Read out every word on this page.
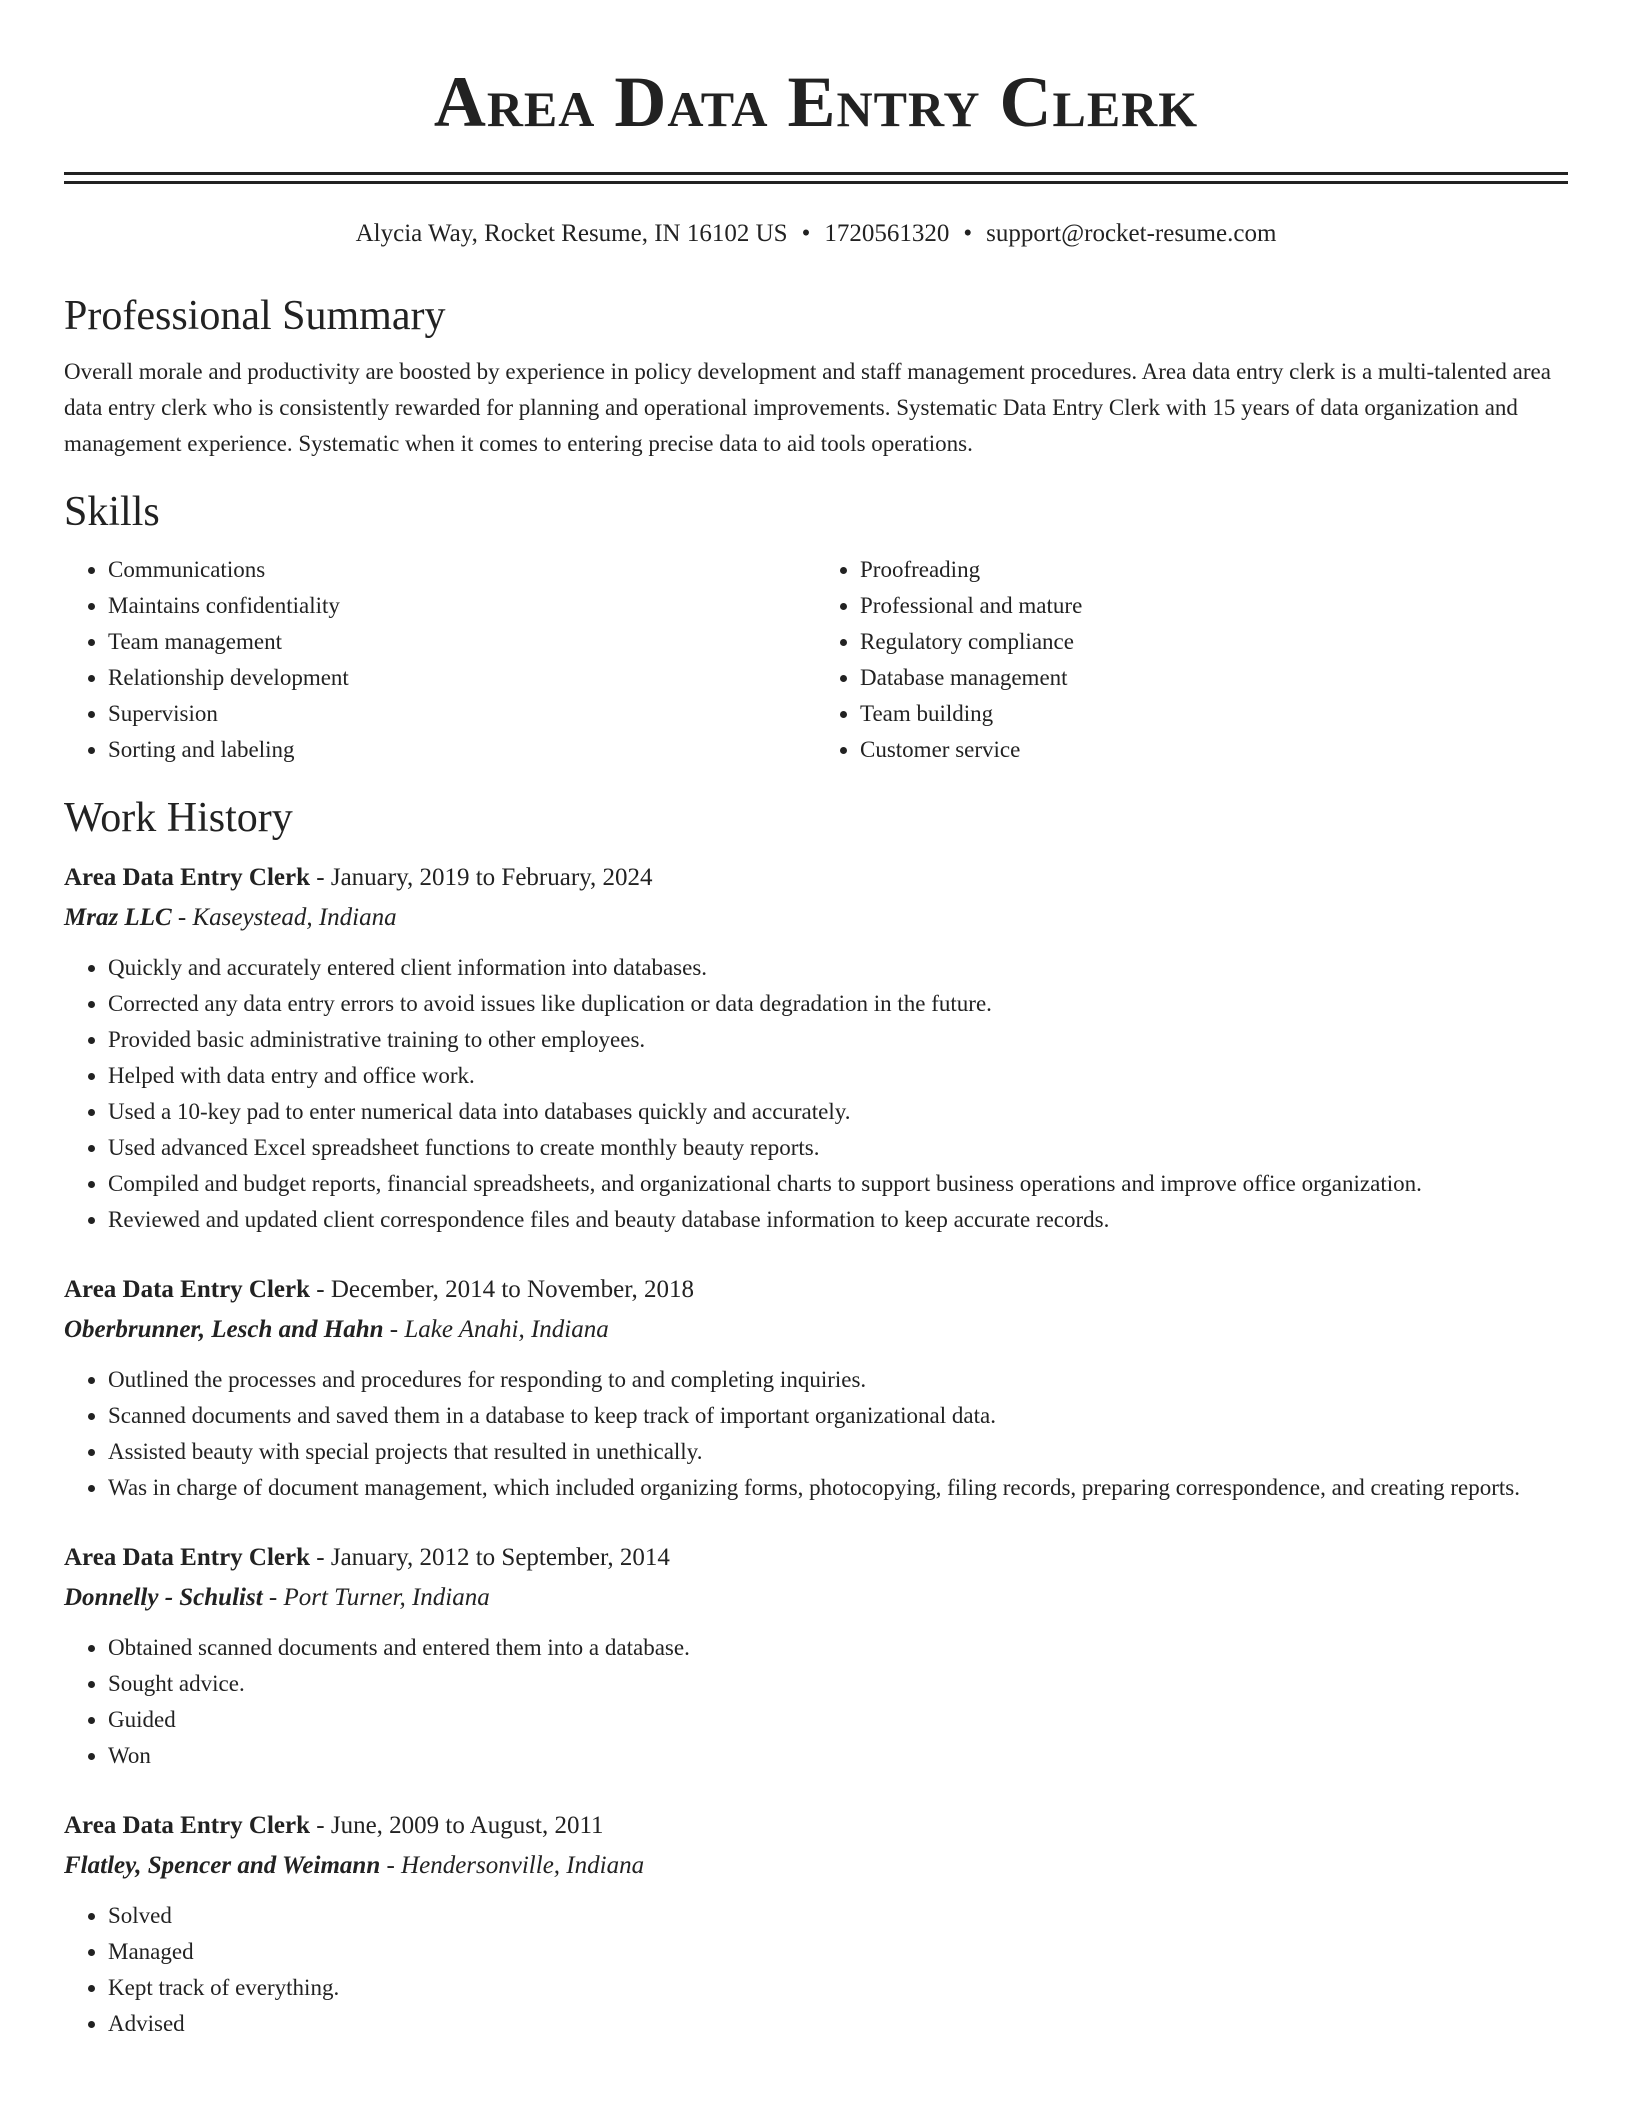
Area Data Entry Clerk
Alycia Way, Rocket Resume, IN 16102 US • 1720561320 • support@rocket-resume.com
Professional Summary

Overall morale and productivity are boosted by experience in policy development and staff management procedures. Area data entry clerk is a multi-talented area data entry clerk who is consistently rewarded for planning and operational improvements. Systematic Data Entry Clerk with 15 years of data organization and management experience. Systematic when it comes to entering precise data to aid tools operations.

Skills
• Communications
• Maintains confidentiality
• Team management
• Relationship development
• Supervision
• Sorting and labeling
• Proofreading
• Professional and mature
• Regulatory compliance
• Database management
• Team building
• Customer service
Work History
Area Data Entry Clerk - January, 2019 to February, 2024
Mraz LLC - Kaseystead, Indiana
• Quickly and accurately entered client information into databases.
• Corrected any data entry errors to avoid issues like duplication or data degradation in the future.
• Provided basic administrative training to other employees.
• Helped with data entry and office work.
• Used a 10-key pad to enter numerical data into databases quickly and accurately.
• Used advanced Excel spreadsheet functions to create monthly beauty reports.
• Compiled and budget reports, financial spreadsheets, and organizational charts to support business operations and improve office organization.
• Reviewed and updated client correspondence files and beauty database information to keep accurate records.
Area Data Entry Clerk - December, 2014 to November, 2018
Oberbrunner, Lesch and Hahn - Lake Anahi, Indiana
• Outlined the processes and procedures for responding to and completing inquiries.
• Scanned documents and saved them in a database to keep track of important organizational data.
• Assisted beauty with special projects that resulted in unethically.
• Was in charge of document management, which included organizing forms, photocopying, filing records, preparing correspondence, and creating reports.
Area Data Entry Clerk - January, 2012 to September, 2014
Donnelly - Schulist - Port Turner, Indiana
• Obtained scanned documents and entered them into a database.
• Sought advice.
• Guided
• Won
Area Data Entry Clerk - June, 2009 to August, 2011
Flatley, Spencer and Weimann - Hendersonville, Indiana
• Solved
• Managed
• Kept track of everything.
• Advised
